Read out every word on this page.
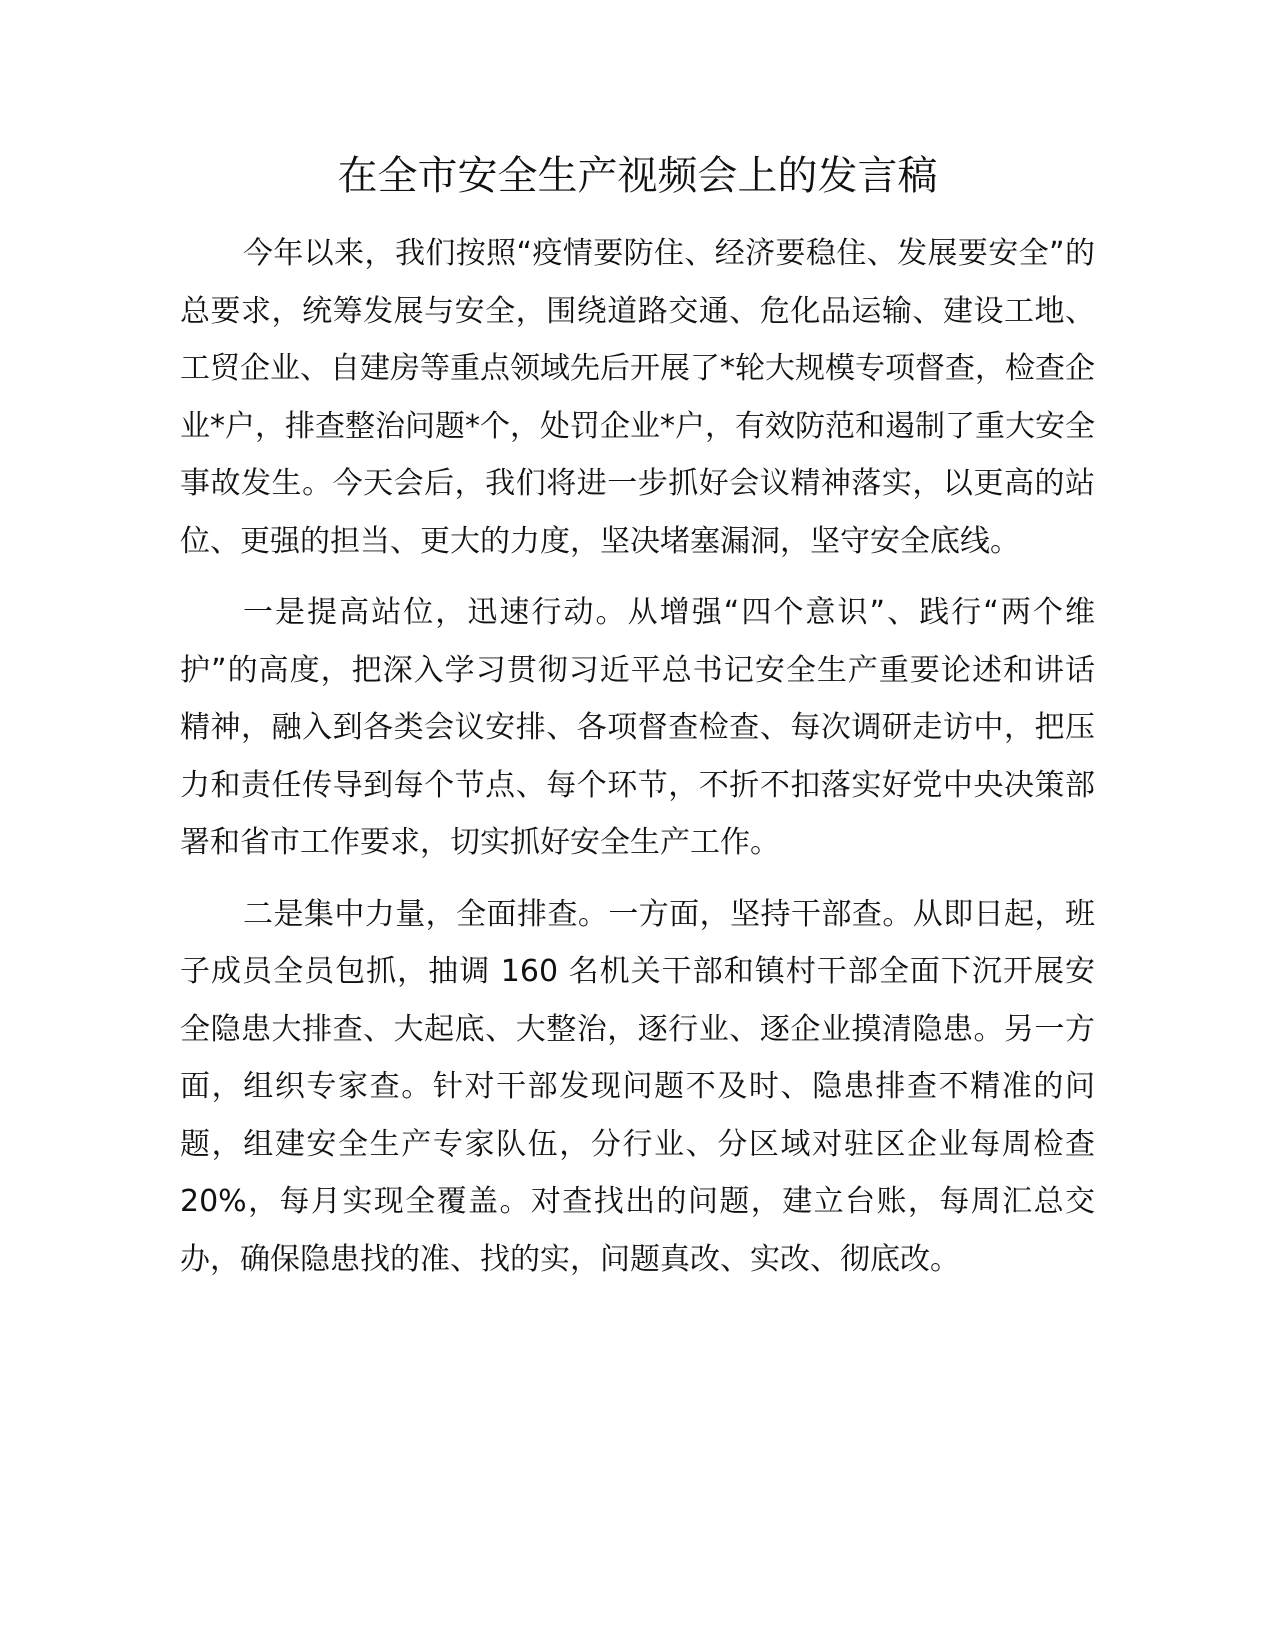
在全市安全生产视频会上的发言稿

今年以来，我们按照“疫情要防住、经济要稳住、发展要安全”的总要求，统筹发展与安全，围绕道路交通、危化品运输、建设工地、工贸企业、自建房等重点领域先后开展了*轮大规模专项督查，检查企业*户，排查整治问题*个，处罚企业*户，有效防范和遏制了重大安全事故发生。今天会后，我们将进一步抓好会议精神落实，以更高的站位、更强的担当、更大的力度，坚决堵塞漏洞，坚守安全底线。

一是提高站位，迅速行动。从增强“四个意识”、践行“两个维护”的高度，把深入学习贯彻习近平总书记安全生产重要论述和讲话精神，融入到各类会议安排、各项督查检查、每次调研走访中，把压力和责任传导到每个节点、每个环节，不折不扣落实好党中央决策部署和省市工作要求，切实抓好安全生产工作。

二是集中力量，全面排查。一方面，坚持干部查。从即日起，班子成员全员包抓，抽调 160 名机关干部和镇村干部全面下沉开展安全隐患大排查、大起底、大整治，逐行业、逐企业摸清隐患。另一方面，组织专家查。针对干部发现问题不及时、隐患排查不精准的问题，组建安全生产专家队伍，分行业、分区域对驻区企业每周检查 20%，每月实现全覆盖。对查找出的问题，建立台账，每周汇总交办，确保隐患找的准、找的实，问题真改、实改、彻底改。
